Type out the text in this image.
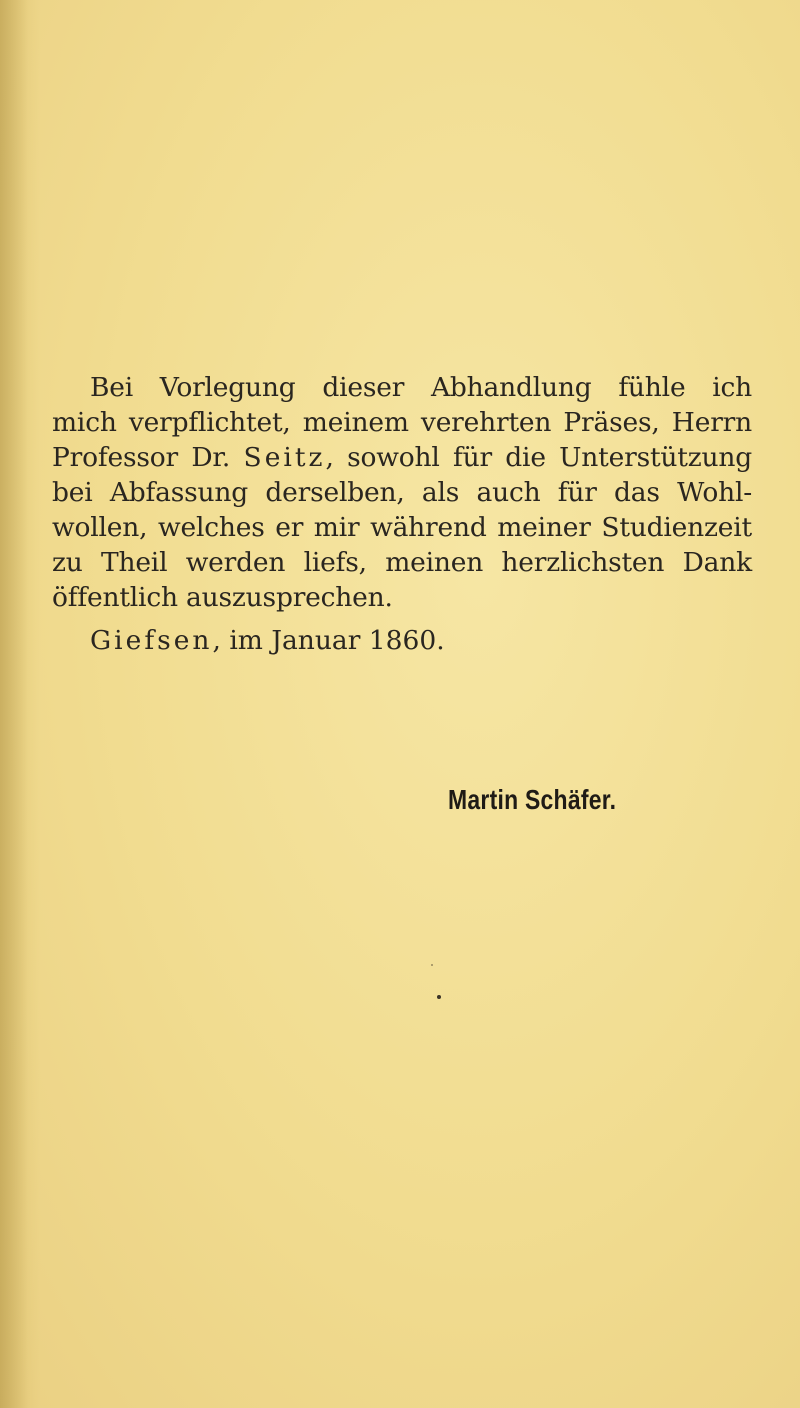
Bei Vorlegung dieser Abhandlung fühle ich
mich verpflichtet, meinem verehrten Präses, Herrn
Professor Dr. Seitz, sowohl für die Unterstützung
bei Abfassung derselben, als auch für das Wohl-
wollen, welches er mir während meiner Studienzeit
zu Theil werden liefs, meinen herzlichsten Dank
öffentlich auszusprechen.

Giefsen, im Januar 1860.

Martin Schäfer.
